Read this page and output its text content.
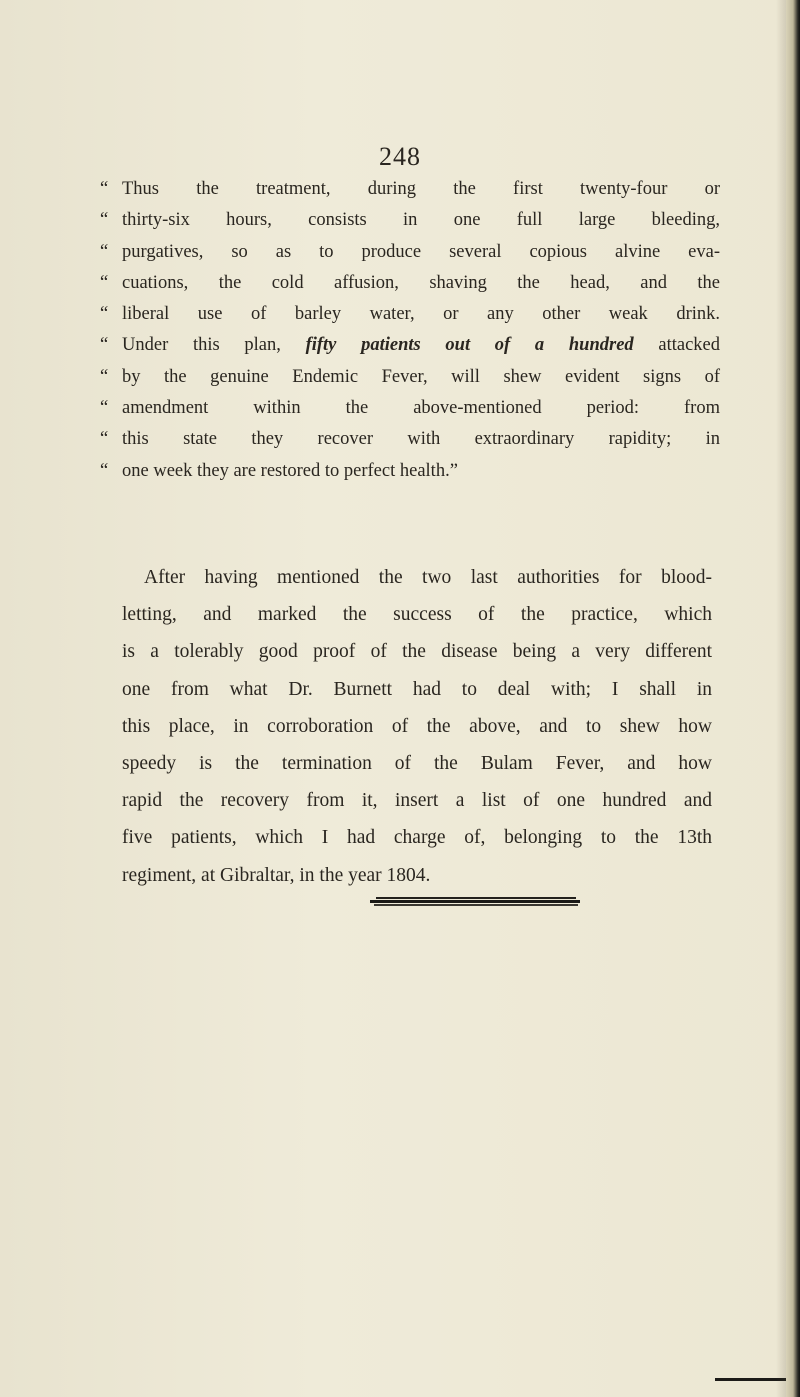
248
“ Thus the treatment, during the first twenty-four or
“ thirty-six hours, consists in one full large bleeding,
“ purgatives, so as to produce several copious alvine eva-
“ cuations, the cold affusion, shaving the head, and the
“ liberal use of barley water, or any other weak drink.
“ Under this plan, fifty patients out of a hundred attacked
“ by the genuine Endemic Fever, will shew evident signs of
“ amendment within the above-mentioned period: from
“ this state they recover with extraordinary rapidity; in
“ one week they are restored to perfect health.”
After having mentioned the two last authorities for blood-
letting, and marked the success of the practice, which
is a tolerably good proof of the disease being a very different
one from what Dr. Burnett had to deal with; I shall in
this place, in corroboration of the above, and to shew how
speedy is the termination of the Bulam Fever, and how
rapid the recovery from it, insert a list of one hundred and
five patients, which I had charge of, belonging to the 13th
regiment, at Gibraltar, in the year 1804.
